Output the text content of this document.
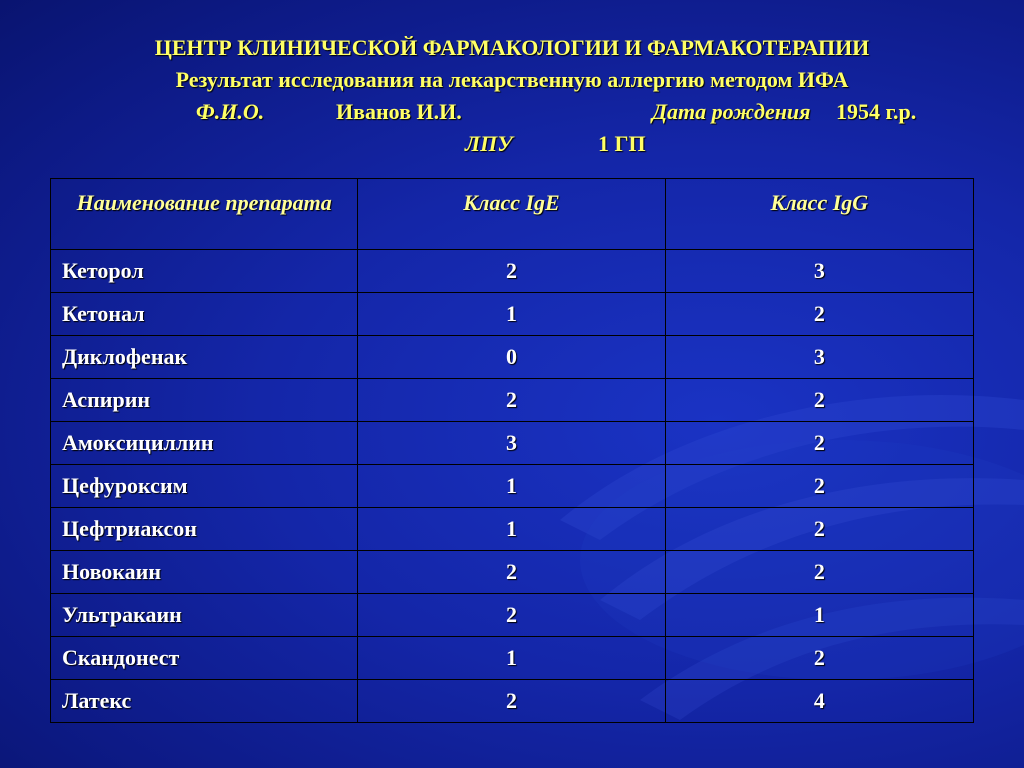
ЦЕНТР КЛИНИЧЕСКОЙ ФАРМАКОЛОГИИ И ФАРМАКОТЕРАПИИ
Результат исследования на лекарственную аллергию методом ИФА
Ф.И.О.	Иванов И.И.	Дата рождения 1954 г.р.
ЛПУ	1 ГП
Наименование препарата	Класс IgE	Класс IgG
Кеторол	2	3
Кетонал	1	2
Диклофенак	0	3
Аспирин	2	2
Амоксициллин	3	2
Цефуроксим	1	2
Цефтриаксон	1	2
Новокаин	2	2
Ультракаин	2	1
Скандонест	1	2
Латекс	2	4
